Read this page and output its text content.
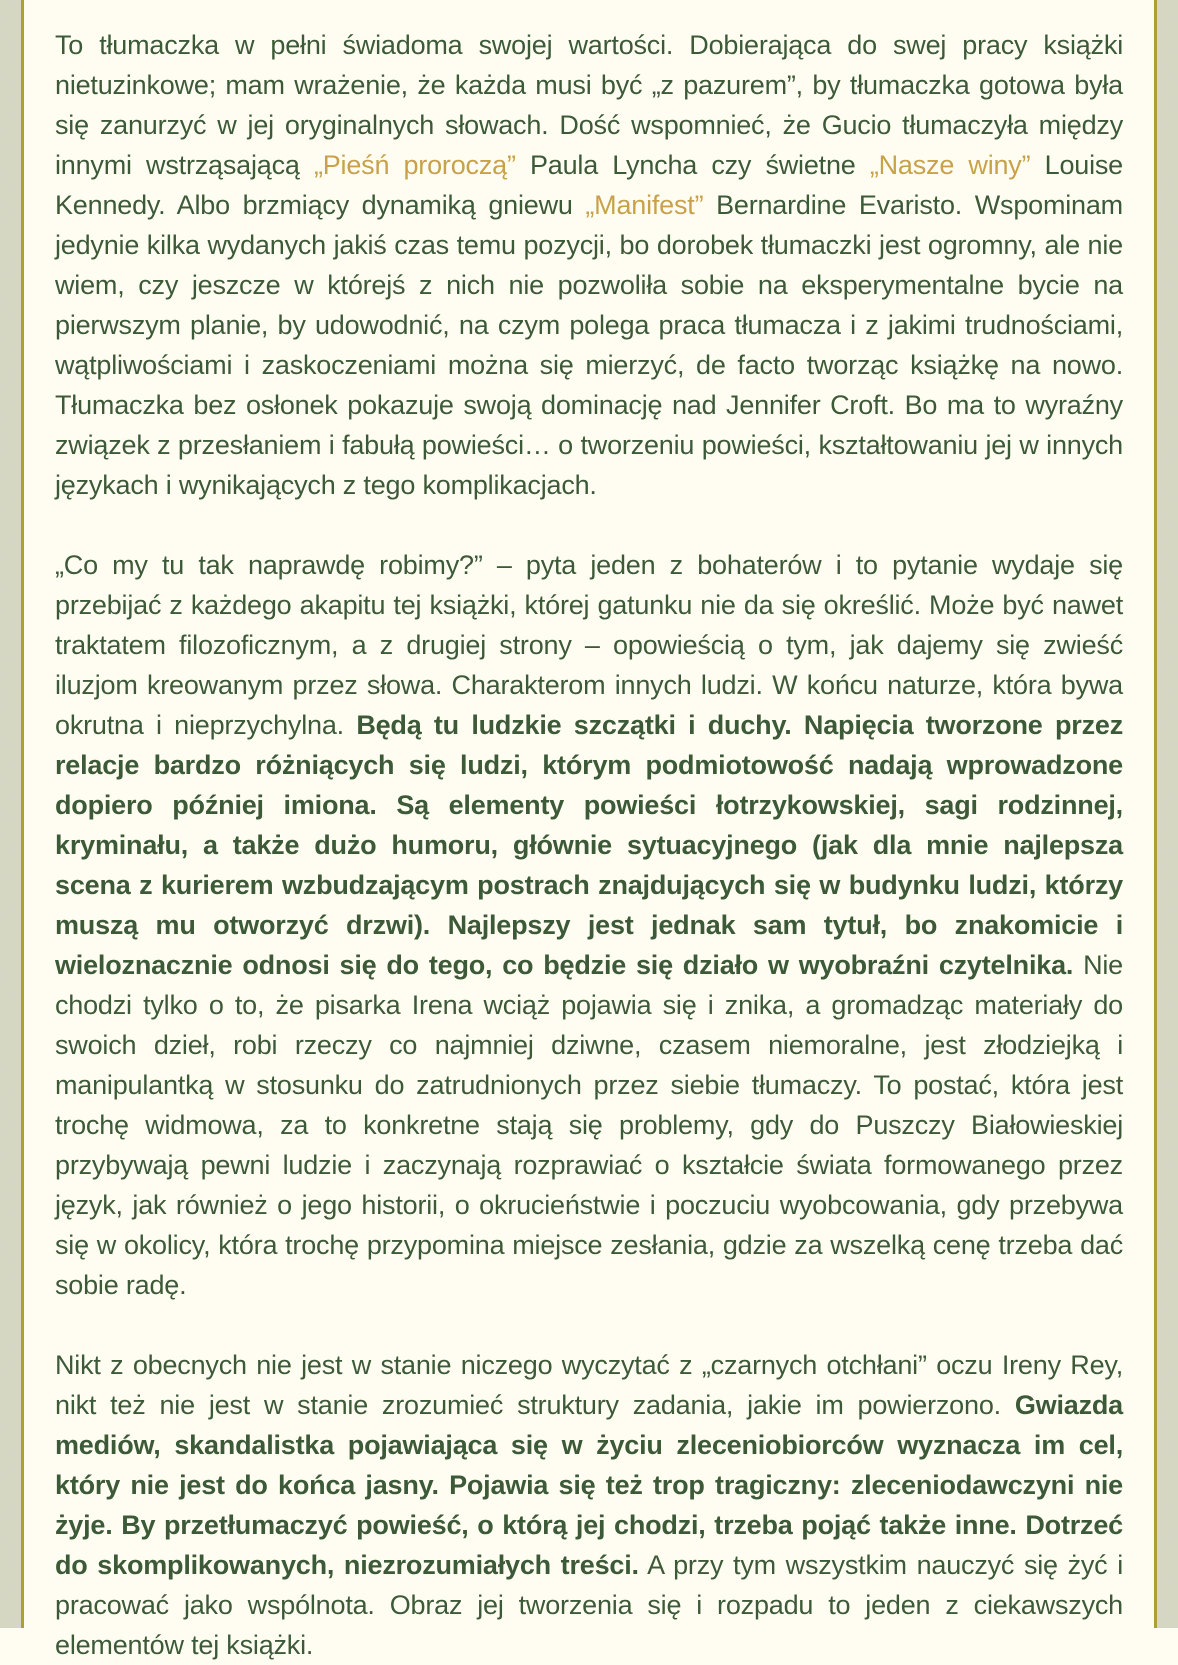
To tłumaczka w pełni świadoma swojej wartości. Dobierająca do swej pracy książki nietuzinkowe; mam wrażenie, że każda musi być „z pazurem”, by tłumaczka gotowa była się zanurzyć w jej oryginalnych słowach. Dość wspomnieć, że Gucio tłumaczyła między innymi wstrząsającą „Pieśń proroczą” Paula Lyncha czy świetne „Nasze winy” Louise Kennedy. Albo brzmiący dynamiką gniewu „Manifest” Bernardine Evaristo. Wspominam jedynie kilka wydanych jakiś czas temu pozycji, bo dorobek tłumaczki jest ogromny, ale nie wiem, czy jeszcze w którejś z nich nie pozwoliła sobie na eksperymentalne bycie na pierwszym planie, by udowodnić, na czym polega praca tłumacza i z jakimi trudnościami, wątpliwościami i zaskoczeniami można się mierzyć, de facto tworząc książkę na nowo. Tłumaczka bez osłonek pokazuje swoją dominację nad Jennifer Croft. Bo ma to wyraźny związek z przesłaniem i fabułą powieści… o tworzeniu powieści, kształtowaniu jej w innych językach i wynikających z tego komplikacjach.

„Co my tu tak naprawdę robimy?” – pyta jeden z bohaterów i to pytanie wydaje się przebijać z każdego akapitu tej książki, której gatunku nie da się określić. Może być nawet traktatem filozoficznym, a z drugiej strony – opowieścią o tym, jak dajemy się zwieść iluzjom kreowanym przez słowa. Charakterom innych ludzi. W końcu naturze, która bywa okrutna i nieprzychylna. Będą tu ludzkie szczątki i duchy. Napięcia tworzone przez relacje bardzo różniących się ludzi, którym podmiotowość nadają wprowadzone dopiero później imiona. Są elementy powieści łotrzykowskiej, sagi rodzinnej, kryminału, a także dużo humoru, głównie sytuacyjnego (jak dla mnie najlepsza scena z kurierem wzbudzającym postrach znajdujących się w budynku ludzi, którzy muszą mu otworzyć drzwi). Najlepszy jest jednak sam tytuł, bo znakomicie i wieloznacznie odnosi się do tego, co będzie się działo w wyobraźni czytelnika. Nie chodzi tylko o to, że pisarka Irena wciąż pojawia się i znika, a gromadząc materiały do swoich dzieł, robi rzeczy co najmniej dziwne, czasem niemoralne, jest złodziejką i manipulantką w stosunku do zatrudnionych przez siebie tłumaczy. To postać, która jest trochę widmowa, za to konkretne stają się problemy, gdy do Puszczy Białowieskiej przybywają pewni ludzie i zaczynają rozprawiać o kształcie świata formowanego przez język, jak również o jego historii, o okrucieństwie i poczuciu wyobcowania, gdy przebywa się w okolicy, która trochę przypomina miejsce zesłania, gdzie za wszelką cenę trzeba dać sobie radę.

Nikt z obecnych nie jest w stanie niczego wyczytać z „czarnych otchłani” oczu Ireny Rey, nikt też nie jest w stanie zrozumieć struktury zadania, jakie im powierzono. Gwiazda mediów, skandalistka pojawiająca się w życiu zleceniobiorców wyznacza im cel, który nie jest do końca jasny. Pojawia się też trop tragiczny: zleceniodawczyni nie żyje. By przetłumaczyć powieść, o którą jej chodzi, trzeba pojąć także inne. Dotrzeć do skomplikowanych, niezrozumiałych treści. A przy tym wszystkim nauczyć się żyć i pracować jako wspólnota. Obraz jej tworzenia się i rozpadu to jeden z ciekawszych elementów tej książki.
